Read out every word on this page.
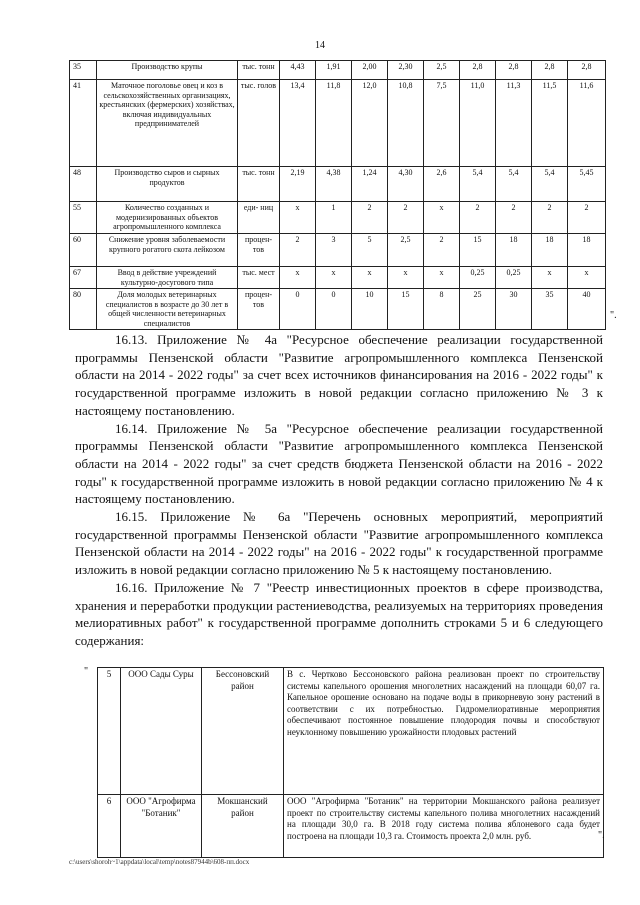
14
35	Производство крупы	тыс. тонн	4,43	1,91	2,00	2,30	2,5	2,8	2,8	2,8	2,8
41	Маточное поголовье овец и коз в сельскохозяйственных организациях, крестьянских (фермерских) хозяйствах, включая индивидуальных предпринимателей	тыс. голов	13,4	11,8	12,0	10,8	7,5	11,0	11,3	11,5	11,6
48	Производство сыров и сырных продуктов	тыс. тонн	2,19	4,38	1,24	4,30	2,6	5,4	5,4	5,4	5,45
55	Количество созданных и модернизированных объектов агропромышленного комплекса	еди- ниц	x	1	2	2	x	2	2	2	2
60	Снижение уровня заболеваемости крупного рогатого скота лейкозом	процен- тов	2	3	5	2,5	2	15	18	18	18
67	Ввод в действие учреждений культурно-досугового типа	тыс. мест	x	x	x	x	x	0,25	0,25	x	x
80	Доля молодых ветеринарных специалистов в возрасте до 30 лет в общей численности ветеринарных специалистов	процен- тов	0	0	10	15	8	25	30	35	40
".

16.13. Приложение № 4а "Ресурсное обеспечение реализации государственной программы Пензенской области "Развитие агропромышленного комплекса Пензенской области на 2014 - 2022 годы" за счет всех источников финансирования на 2016 - 2022 годы" к государственной программе изложить в новой редакции согласно приложению № 3 к настоящему постановлению.

16.14. Приложение № 5а "Ресурсное обеспечение реализации государственной программы Пензенской области "Развитие агропромышленного комплекса Пензенской области на 2014 - 2022 годы" за счет средств бюджета Пензенской области на 2016 - 2022 годы" к государственной программе изложить в новой редакции согласно приложению № 4 к настоящему постановлению.

16.15. Приложение № 6а "Перечень основных мероприятий, мероприятий государственной программы Пензенской области "Развитие агропромышленного комплекса Пензенской области на 2014 - 2022 годы" на 2016 - 2022 годы" к государственной программе изложить в новой редакции согласно приложению № 5 к настоящему постановлению.

16.16. Приложение № 7 "Реестр инвестиционных проектов в сфере производства, хранения и переработки продукции растениеводства, реализуемых на территориях проведения мелиоративных работ" к государственной программе дополнить строками 5 и 6 следующего содержания:

" 5	ООО Сады Суры	Бессоновский район	В с. Чертково Бессоновского района реализован проект по строительству системы капельного орошения многолетних насаждений на площади 60,07 га. Капельное орошение основано на подаче воды в прикорневую зону растений в соответствии с их потребностью. Гидромелиоративные мероприятия обеспечивают постоянное повышение плодородия почвы и способствуют неуклонному повышению урожайности плодовых растений
6	ООО "Агрофирма "Ботаник"	Мокшанский район	ООО "Агрофирма "Ботаник" на территории Мокшанского района реализует проект по строительству системы капельного полива многолетних насаждений на площади 30,0 га. В 2018 году система полива яблоневого сада будет построена на площади 10,3 га. Стоимость проекта 2,0 млн. руб.	".
c:\users\shoroh~1\appdata\local\temp\notes87944b\608-пп.docx
